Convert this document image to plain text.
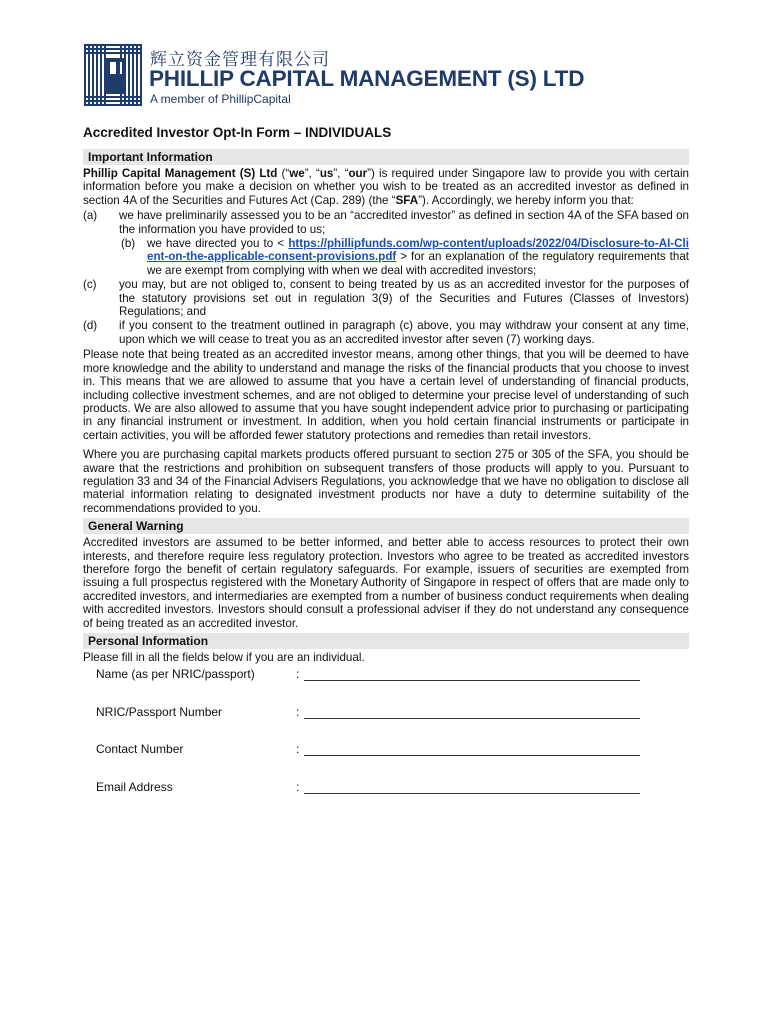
辉立资金管理有限公司
PHILLIP CAPITAL MANAGEMENT (S) LTD
A member of PhillipCapital
Accredited Investor Opt-In Form – INDIVIDUALS
Important Information

Phillip Capital Management (S) Ltd (“we”, “us”, “our”) is required under Singapore law to provide you with certain information before you make a decision on whether you wish to be treated as an accredited investor as defined in section 4A of the Securities and Futures Act (Cap. 289) (the “SFA”). Accordingly, we hereby inform you that:

(a)	we have preliminarily assessed you to be an “accredited investor” as defined in section 4A of the SFA based on the information you have provided to us;
(b)	we have directed you to < https://phillipfunds.com/wp-content/uploads/2022/04/Disclosure-to-AI-Client-on-the-applicable-consent-provisions.pdf > for an explanation of the regulatory requirements that we are exempt from complying with when we deal with accredited investors;
(c)	you may, but are not obliged to, consent to being treated by us as an accredited investor for the purposes of the statutory provisions set out in regulation 3(9) of the Securities and Futures (Classes of Investors) Regulations; and
(d)	if you consent to the treatment outlined in paragraph (c) above, you may withdraw your consent at any time, upon which we will cease to treat you as an accredited investor after seven (7) working days.

Please note that being treated as an accredited investor means, among other things, that you will be deemed to have more knowledge and the ability to understand and manage the risks of the financial products that you choose to invest in. This means that we are allowed to assume that you have a certain level of understanding of financial products, including collective investment schemes, and are not obliged to determine your precise level of understanding of such products. We are also allowed to assume that you have sought independent advice prior to purchasing or participating in any financial instrument or investment. In addition, when you hold certain financial instruments or participate in certain activities, you will be afforded fewer statutory protections and remedies than retail investors.

Where you are purchasing capital markets products offered pursuant to section 275 or 305 of the SFA, you should be aware that the restrictions and prohibition on subsequent transfers of those products will apply to you. Pursuant to regulation 33 and 34 of the Financial Advisers Regulations, you acknowledge that we have no obligation to disclose all material information relating to designated investment products nor have a duty to determine suitability of the recommendations provided to you.

General Warning

Accredited investors are assumed to be better informed, and better able to access resources to protect their own interests, and therefore require less regulatory protection. Investors who agree to be treated as accredited investors therefore forgo the benefit of certain regulatory safeguards. For example, issuers of securities are exempted from issuing a full prospectus registered with the Monetary Authority of Singapore in respect of offers that are made only to accredited investors, and intermediaries are exempted from a number of business conduct requirements when dealing with accredited investors. Investors should consult a professional adviser if they do not understand any consequence of being treated as an accredited investor.

Personal Information

Please fill in all the fields below if you are an individual.

Name (as per NRIC/passport)	:
NRIC/Passport Number	:
Contact Number	:
Email Address	:
